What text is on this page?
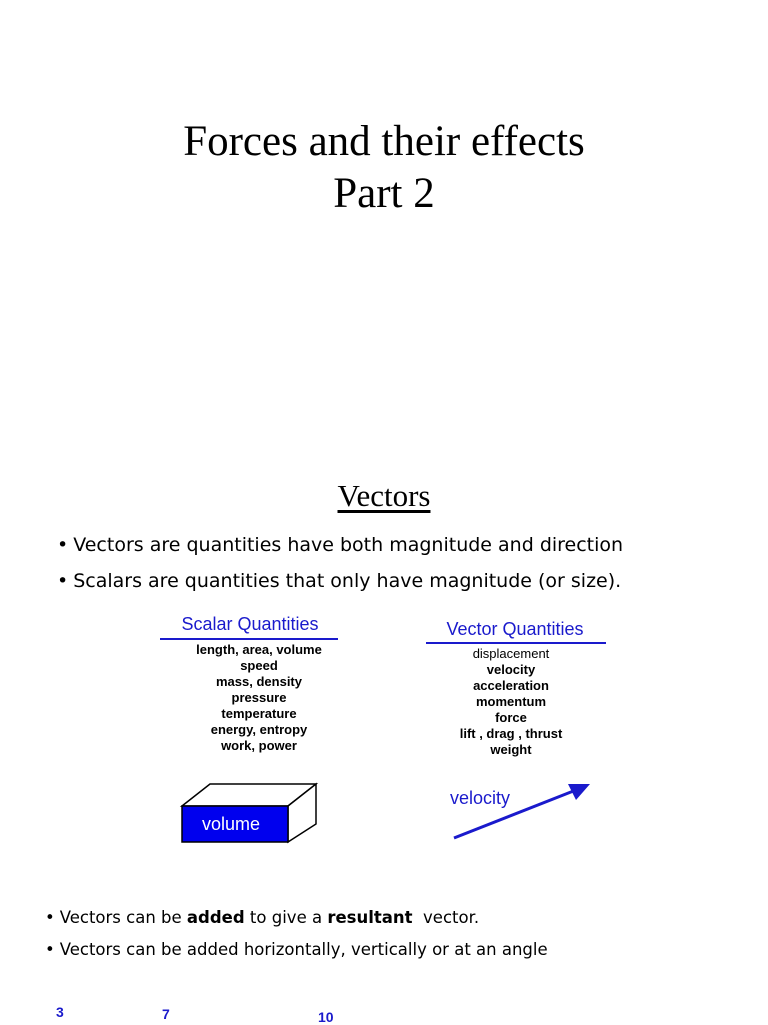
Forces and their effects
Part 2
Vectors
• Vectors are quantities have both magnitude and direction
• Scalars are quantities that only have magnitude (or size).
Scalar Quantities
length, area, volume
speed
mass, density
pressure
temperature
energy, entropy
work, power
volume
Vector Quantities
displacement
velocity
acceleration
momentum
force
lift , drag , thrust
weight
velocity
• Vectors can be added to give a resultant  vector.
• Vectors can be added horizontally, vertically or at an angle
3	7	10
